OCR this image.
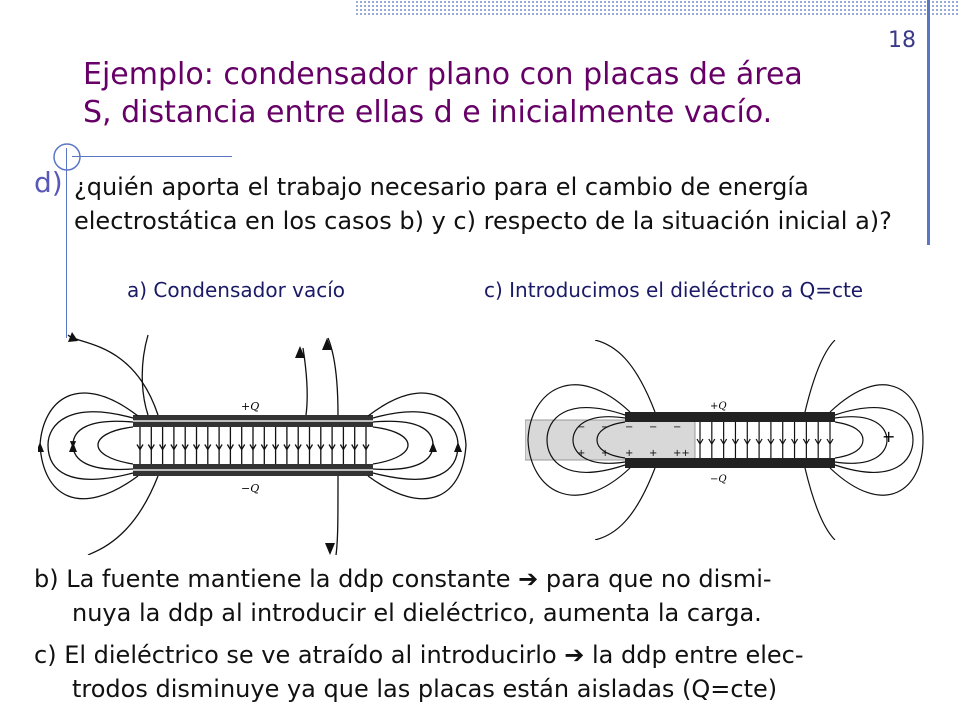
18
Ejemplo: condensador plano con placas de área
S, distancia entre ellas d e inicialmente vacío.
d) ¿quién aporta el trabajo necesario para el cambio de energía electrostática en los casos b) y c) respecto de la situación inicial a)?
a) Condensador vacío	c) Introducimos el dieléctrico a Q=cte
+Q
−Q
+Q
−Q
+
− − − − −
+ + + + ++
b) La fuente mantiene la ddp constante ➔ para que no dismi-
nuya la ddp al introducir el dieléctrico, aumenta la carga.
c) El dieléctrico se ve atraído al introducirlo ➔ la ddp entre elec-
trodos disminuye ya que las placas están aisladas (Q=cte)
